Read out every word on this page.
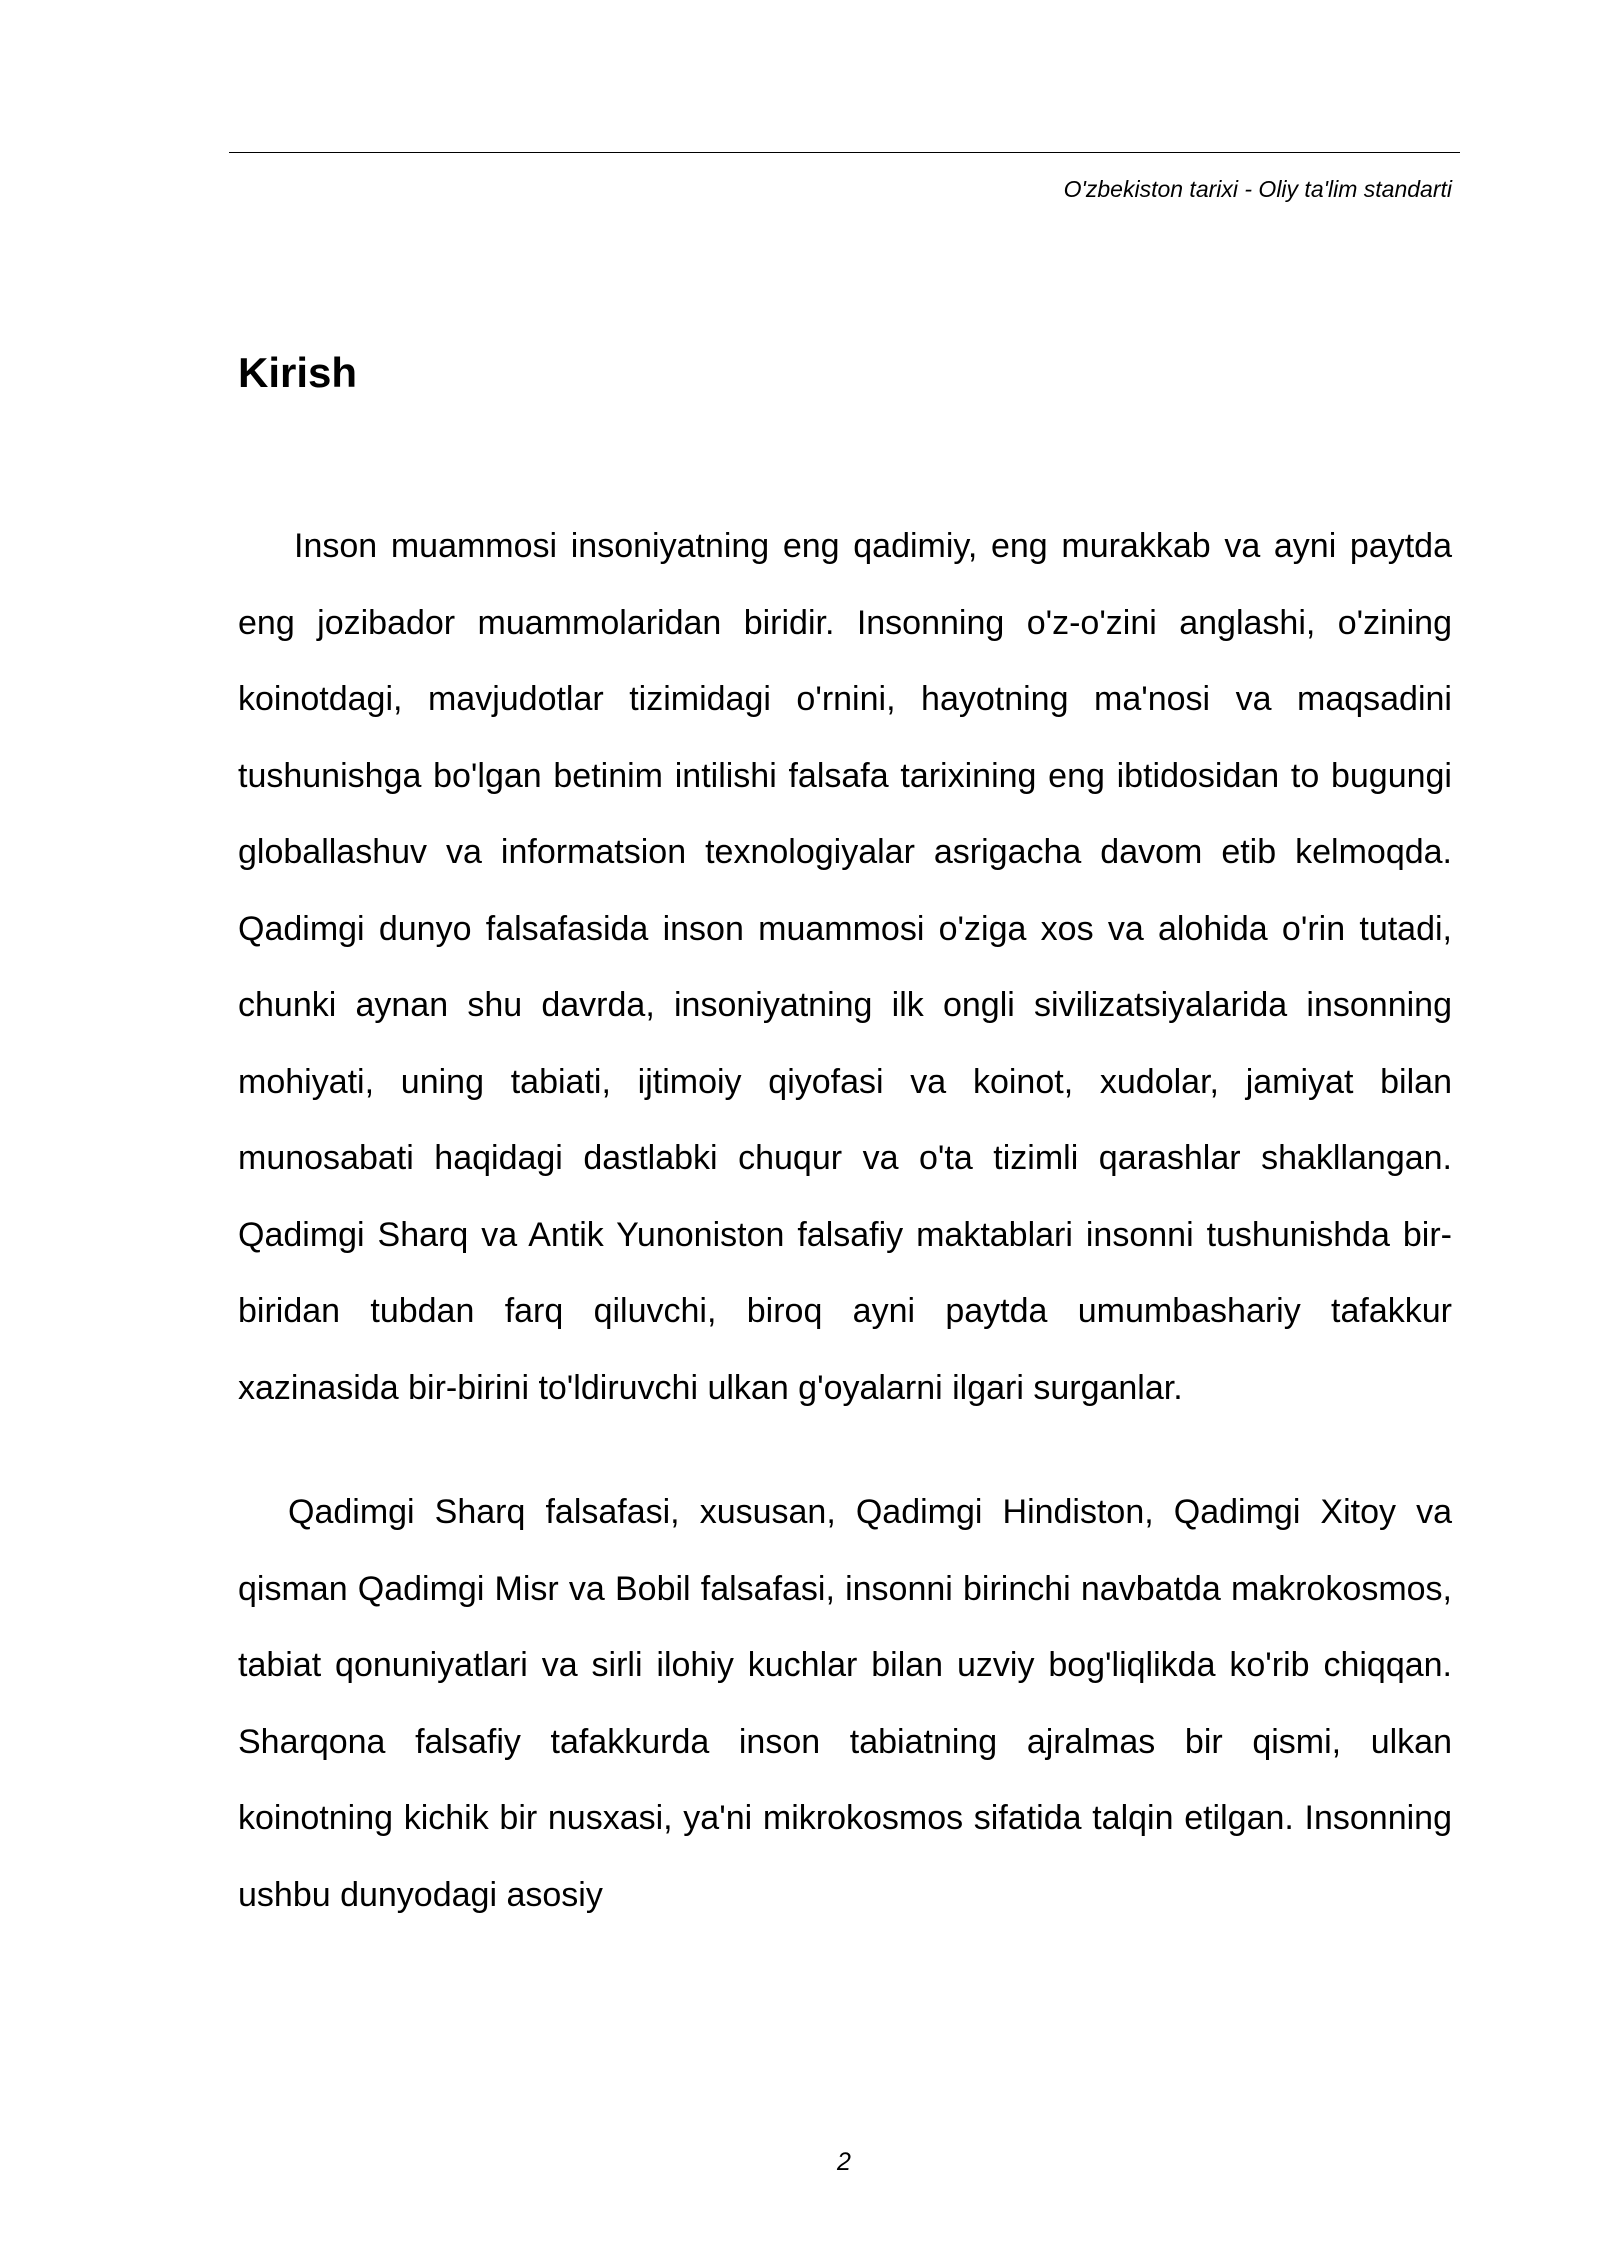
O'zbekiston tarixi - Oliy ta'lim standarti
Kirish

Inson muammosi insoniyatning eng qadimiy, eng murakkab va ayni paytda eng jozibador muammolaridan biridir. Insonning o'z-o'zini anglashi, o'zining koinotdagi, mavjudotlar tizimidagi o'rnini, hayotning ma'nosi va maqsadini tushunishga bo'lgan betinim intilishi falsafa tarixining eng ibtidosidan to bugungi globallashuv va informatsion texnologiyalar asrigacha davom etib kelmoqda. Qadimgi dunyo falsafasida inson muammosi o'ziga xos va alohida o'rin tutadi, chunki aynan shu davrda, insoniyatning ilk ongli sivilizatsiyalarida insonning mohiyati, uning tabiati, ijtimoiy qiyofasi va koinot, xudolar, jamiyat bilan munosabati haqidagi dastlabki chuqur va o'ta tizimli qarashlar shakllangan. Qadimgi Sharq va Antik Yunoniston falsafiy maktablari insonni tushunishda bir-biridan tubdan farq qiluvchi, biroq ayni paytda umumbashariy tafakkur xazinasida bir-birini to'ldiruvchi ulkan g'oyalarni ilgari surganlar.

Qadimgi Sharq falsafasi, xususan, Qadimgi Hindiston, Qadimgi Xitoy va qisman Qadimgi Misr va Bobil falsafasi, insonni birinchi navbatda makrokosmos, tabiat qonuniyatlari va sirli ilohiy kuchlar bilan uzviy bog'liqlikda ko'rib chiqqan. Sharqona falsafiy tafakkurda inson tabiatning ajralmas bir qismi, ulkan koinotning kichik bir nusxasi, ya'ni mikrokosmos sifatida talqin etilgan. Insonning ushbu dunyodagi asosiy

2
